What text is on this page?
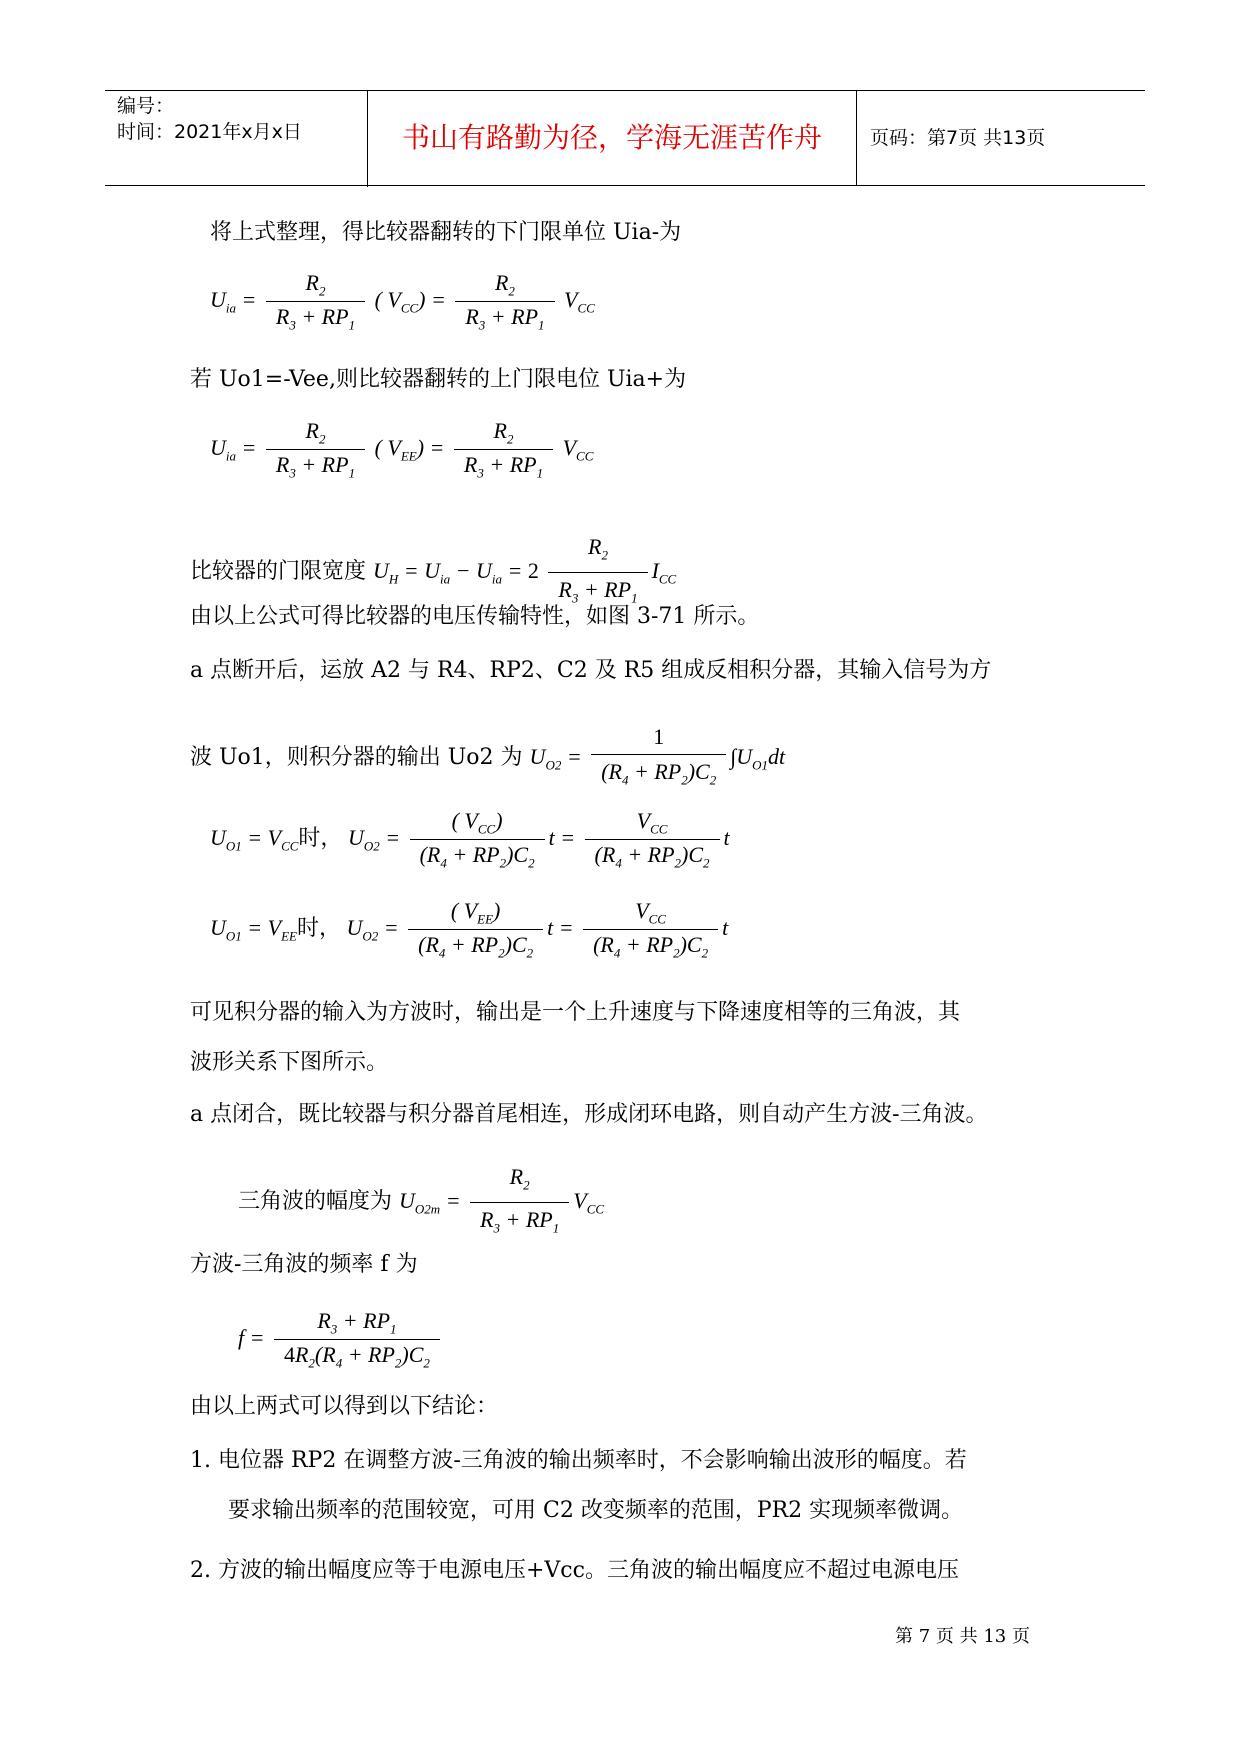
编号：
时间：2021年x月x日	书山有路勤为径，学海无涯苦作舟	页码：第7页 共13页
将上式整理，得比较器翻转的下门限单位 Uia-为
$U_{ia} = \frac{R_2}{R_3 + RP_1}$ ( $V_{CC}) = \frac{R_2}{R_3 + RP_1} V_{CC}$
若 Uo1=-Vee,则比较器翻转的上门限电位 Uia+为
$U_{ia} = \frac{R_2}{R_3 + RP_1}$ ( $V_{EE}) = \frac{R_2}{R_3 + RP_1} V_{CC}$
比较器的门限宽度 $U_H = U_{ia} - U_{ia} = 2 \frac{R_2}{R_3 + RP_1} I_{CC}$
由以上公式可得比较器的电压传输特性，如图 3-71 所示。
a 点断开后，运放 A2 与 R4、RP2、C2 及 R5 组成反相积分器，其输入信号为方
波 Uo1，则积分器的输出 Uo2 为 $U_{O2} = \frac{1}{(R_4 + RP_2)C_2} \int U_{O1}dt$
$U_{O1} = V_{CC}$时， $U_{O2} = \frac{( V_{CC})}{(R_4 + RP_2)C_2}$ $t = \frac{V_{CC}}{(R_4 + RP_2)C_2}$ t
$U_{O1} = V_{EE}$时， $U_{O2} = \frac{( V_{EE})}{(R_4 + RP_2)C_2}$ $t = \frac{V_{CC}}{(R_4 + RP_2)C_2}$ t
可见积分器的输入为方波时，输出是一个上升速度与下降速度相等的三角波，其
波形关系下图所示。
a 点闭合，既比较器与积分器首尾相连，形成闭环电路，则自动产生方波-三角波。
三角波的幅度为 $U_{O2m} = \frac{R_2}{R_3 + RP_1} V_{CC}$
方波-三角波的频率 f 为
$f = \frac{R_3 + RP_1}{4R_2(R_4 + RP_2)C_2}$
由以上两式可以得到以下结论：
1. 电位器 RP2 在调整方波-三角波的输出频率时，不会影响输出波形的幅度。若
要求输出频率的范围较宽，可用 C2 改变频率的范围，PR2 实现频率微调。
2. 方波的输出幅度应等于电源电压+Vcc。三角波的输出幅度应不超过电源电压
第 7 页 共 13 页
